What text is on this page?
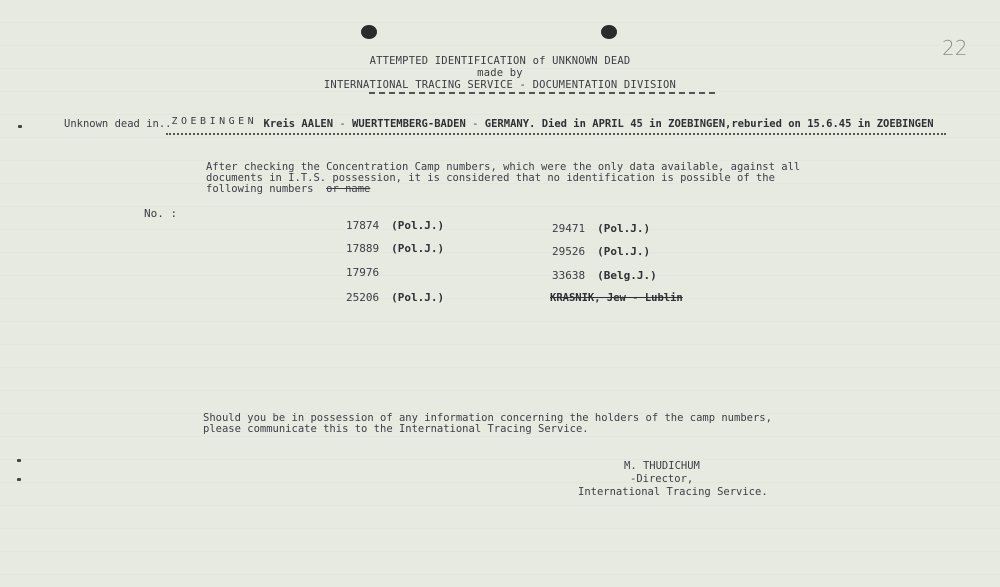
22
ATTEMPTED IDENTIFICATION of UNKNOWN DEAD
made by
INTERNATIONAL TRACING SERVICE - DOCUMENTATION DIVISION
Unknown dead in..ZOEBINGEN Kreis AALEN - WUERTTEMBERG-BADEN - GERMANY. Died in APRIL 45 in ZOEBINGEN,reburied on 15.6.45 in ZOEBINGEN
After checking the Concentration Camp numbers, which were the only data available, against all
documents in I.T.S. possession, it is considered that no identification is possible of the
following numbers or name
No. :
17874 (Pol.J.)
17889 (Pol.J.)
17976
25206 (Pol.J.)
29471 (Pol.J.)
29526 (Pol.J.)
33638 (Belg.J.)
KRASNIK, Jew - Lublin
Should you be in possession of any information concerning the holders of the camp numbers,
please communicate this to the International Tracing Service.
M. THUDICHUM
-Director,
International Tracing Service.
